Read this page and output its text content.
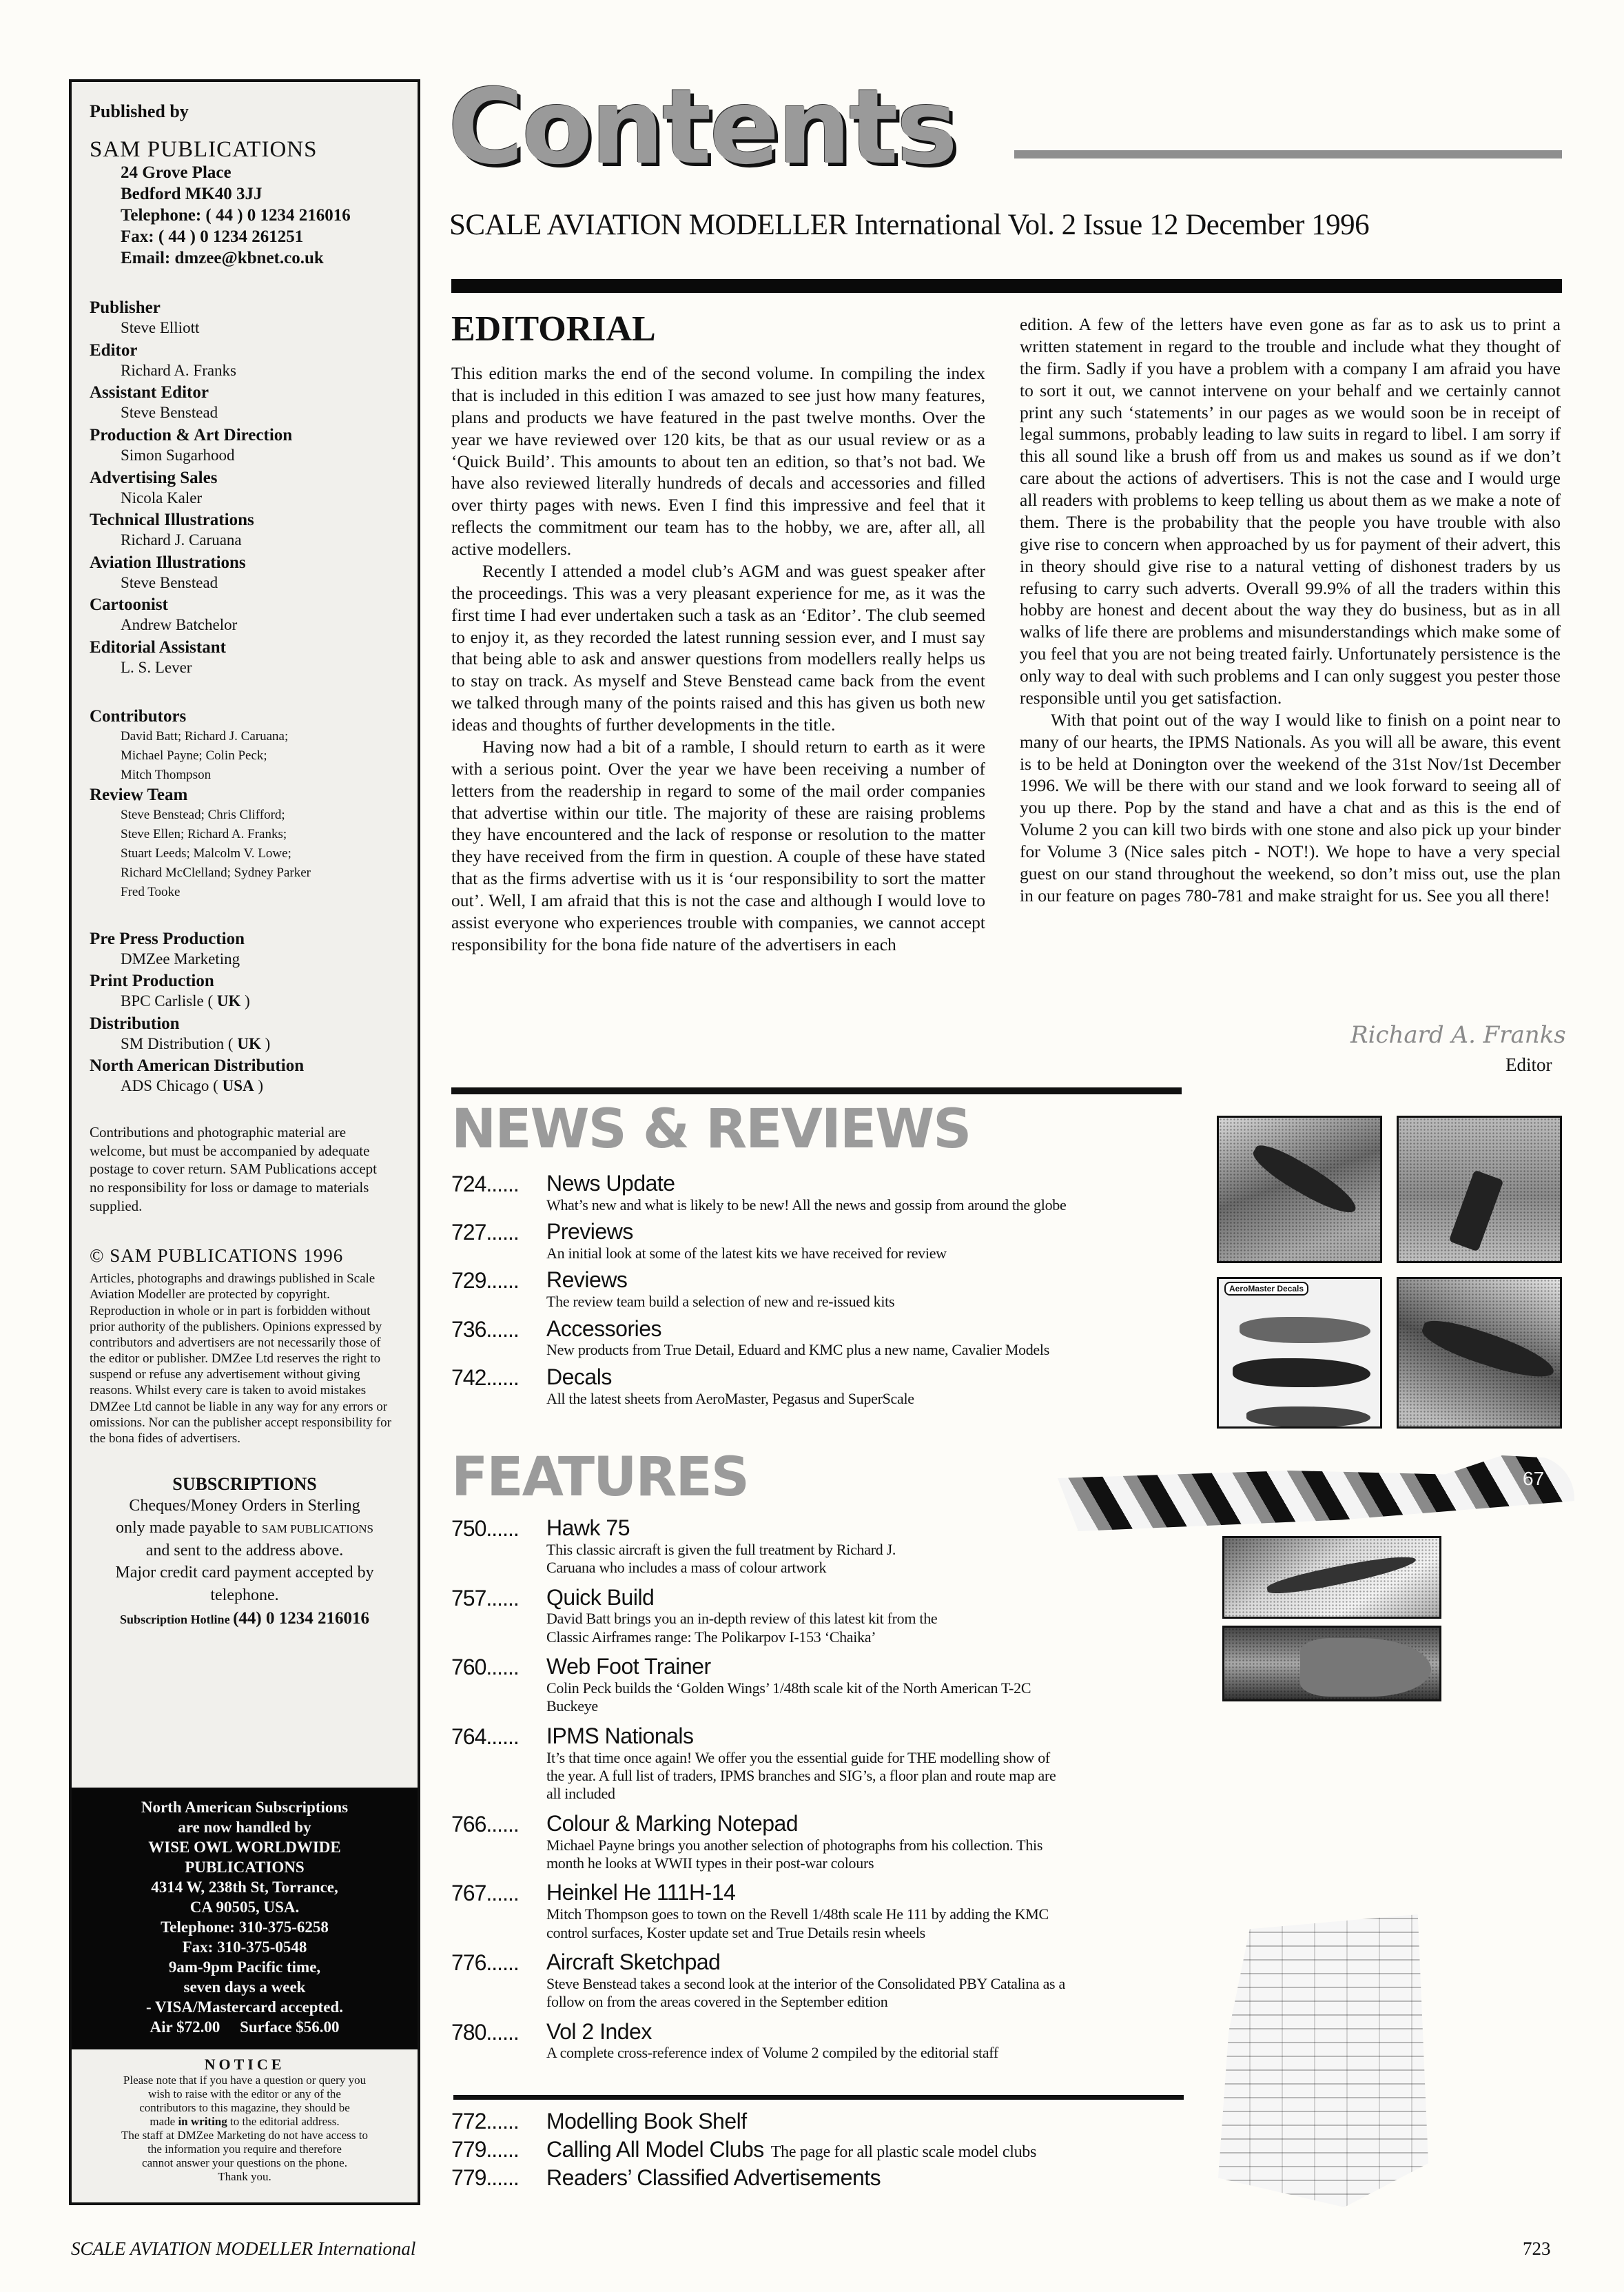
Published by
SAM PUBLICATIONS
24 Grove Place
Bedford MK40 3JJ
Telephone: ( 44 ) 0 1234 216016
Fax: ( 44 ) 0 1234 261251
Email: dmzee@kbnet.co.uk
Publisher
Steve Elliott
Editor
Richard A. Franks
Assistant Editor
Steve Benstead
Production & Art Direction
Simon Sugarhood
Advertising Sales
Nicola Kaler
Technical Illustrations
Richard J. Caruana
Aviation Illustrations
Steve Benstead
Cartoonist
Andrew Batchelor
Editorial Assistant
L. S. Lever
Contributors
David Batt; Richard J. Caruana;
Michael Payne; Colin Peck;
Mitch Thompson
Review Team
Steve Benstead; Chris Clifford;
Steve Ellen; Richard A. Franks;
Stuart Leeds; Malcolm V. Lowe;
Richard McClelland; Sydney Parker
Fred Tooke
Pre Press Production
DMZee Marketing
Print Production
BPC Carlisle ( UK )
Distribution
SM Distribution ( UK )
North American Distribution
ADS Chicago ( USA )
Contributions and photographic material are welcome, but must be accompanied by adequate postage to cover return. SAM Publications accept no responsibility for loss or damage to materials supplied.
© SAM PUBLICATIONS 1996
Articles, photographs and drawings published in Scale Aviation Modeller are protected by copyright. Reproduction in whole or in part is forbidden without prior authority of the publishers. Opinions expressed by contributors and advertisers are not necessarily those of the editor or publisher. DMZee Ltd reserves the right to suspend or refuse any advertisement without giving reasons. Whilst every care is taken to avoid mistakes DMZee Ltd cannot be liable in any way for any errors or omissions. Nor can the publisher accept responsibility for the bona fides of advertisers.
SUBSCRIPTIONS
Cheques/Money Orders in Sterling
only made payable to SAM PUBLICATIONS
and sent to the address above.
Major credit card payment accepted by telephone.
Subscription Hotline (44) 0 1234 216016
North American Subscriptions
are now handled by
WISE OWL WORLDWIDE
PUBLICATIONS
4314 W, 238th St, Torrance,
CA 90505, USA.
Telephone: 310-375-6258
Fax: 310-375-0548
9am-9pm Pacific time,
seven days a week
- VISA/Mastercard accepted.
Air $72.00     Surface $56.00
NOTICE
Please note that if you have a question or query you
wish to raise with the editor or any of the
contributors to this magazine, they should be
made in writing to the editorial address.
The staff at DMZee Marketing do not have access to
the information you require and therefore
cannot answer your questions on the phone.
Thank you.
Contents
SCALE AVIATION MODELLER International Vol. 2 Issue 12 December 1996
EDITORIAL

This edition marks the end of the second volume. In compiling the index that is included in this edition I was amazed to see just how many features, plans and products we have featured in the past twelve months. Over the year we have reviewed over 120 kits, be that as our usual review or as a ‘Quick Build’. This amounts to about ten an edition, so that’s not bad. We have also reviewed literally hundreds of decals and accessories and filled over thirty pages with news. Even I find this impressive and feel that it reflects the commitment our team has to the hobby, we are, after all, all active modellers.

Recently I attended a model club’s AGM and was guest speaker after the proceedings. This was a very pleasant experience for me, as it was the first time I had ever undertaken such a task as an ‘Editor’. The club seemed to enjoy it, as they recorded the latest running session ever, and I must say that being able to ask and answer questions from modellers really helps us to stay on track. As myself and Steve Benstead came back from the event we talked through many of the points raised and this has given us both new ideas and thoughts of further developments in the title.

Having now had a bit of a ramble, I should return to earth as it were with a serious point. Over the year we have been receiving a number of letters from the readership in regard to some of the mail order companies that advertise within our title. The majority of these are raising problems they have encountered and the lack of response or resolution to the matter they have received from the firm in question. A couple of these have stated that as the firms advertise with us it is ‘our responsibility to sort the matter out’. Well, I am afraid that this is not the case and although I would love to assist everyone who experiences trouble with companies, we cannot accept responsibility for the bona fide nature of the advertisers in each

edition. A few of the letters have even gone as far as to ask us to print a written statement in regard to the trouble and include what they thought of the firm. Sadly if you have a problem with a company I am afraid you have to sort it out, we cannot intervene on your behalf and we certainly cannot print any such ‘statements’ in our pages as we would soon be in receipt of legal summons, probably leading to law suits in regard to libel. I am sorry if this all sound like a brush off from us and makes us sound as if we don’t care about the actions of advertisers. This is not the case and I would urge all readers with problems to keep telling us about them as we make a note of them. There is the probability that the people you have trouble with also give rise to concern when approached by us for payment of their advert, this in theory should give rise to a natural vetting of dishonest traders by us refusing to carry such adverts. Overall 99.9% of all the traders within this hobby are honest and decent about the way they do business, but as in all walks of life there are problems and misunderstandings which make some of you feel that you are not being treated fairly. Unfortunately persistence is the only way to deal with such problems and I can only suggest you pester those responsible until you get satisfaction.

With that point out of the way I would like to finish on a point near to many of our hearts, the IPMS Nationals. As you will all be aware, this event is to be held at Donington over the weekend of the 31st Nov/1st December 1996. We will be there with our stand and we look forward to seeing all of you up there. Pop by the stand and have a chat and as this is the end of Volume 2 you can kill two birds with one stone and also pick up your binder for Volume 3 (Nice sales pitch - NOT!). We hope to have a very special guest on our stand throughout the weekend, so don’t miss out, use the plan in our feature on pages 780-781 and make straight for us. See you all there!

Richard A. Franks
Editor
NEWS & REVIEWS
724......	News Update
What’s new and what is likely to be new! All the news and gossip from around the globe
727......	Previews
An initial look at some of the latest kits we have received for review
729......	Reviews
The review team build a selection of new and re-issued kits
736......	Accessories
New products from True Detail, Eduard and KMC plus a new name, Cavalier Models
742......	Decals
All the latest sheets from AeroMaster, Pegasus and SuperScale
AeroMaster Decals
FEATURES	67
750......	Hawk 75
This classic aircraft is given the full treatment by Richard J. Caruana who includes a mass of colour artwork
757......	Quick Build
David Batt brings you an in-depth review of this latest kit from the Classic Airframes range: The Polikarpov I-153 ‘Chaika’
760......	Web Foot Trainer
Colin Peck builds the ‘Golden Wings’ 1/48th scale kit of the North American T-2C Buckeye
764......	IPMS Nationals
It’s that time once again! We offer you the essential guide for THE modelling show of the year. A full list of traders, IPMS branches and SIG’s, a floor plan and route map are all included
766......	Colour & Marking Notepad
Michael Payne brings you another selection of photographs from his collection. This month he looks at WWII types in their post-war colours
767......	Heinkel He 111H-14
Mitch Thompson goes to town on the Revell 1/48th scale He 111 by adding the KMC control surfaces, Koster update set and True Details resin wheels
776......	Aircraft Sketchpad
Steve Benstead takes a second look at the interior of the Consolidated PBY Catalina as a follow on from the areas covered in the September edition
780......	Vol 2 Index
A complete cross-reference index of Volume 2 compiled by the editorial staff
772......	Modelling Book Shelf
779......	Calling All Model Clubs The page for all plastic scale model clubs
779......	Readers’ Classified Advertisements
SCALE AVIATION MODELLER International	723
